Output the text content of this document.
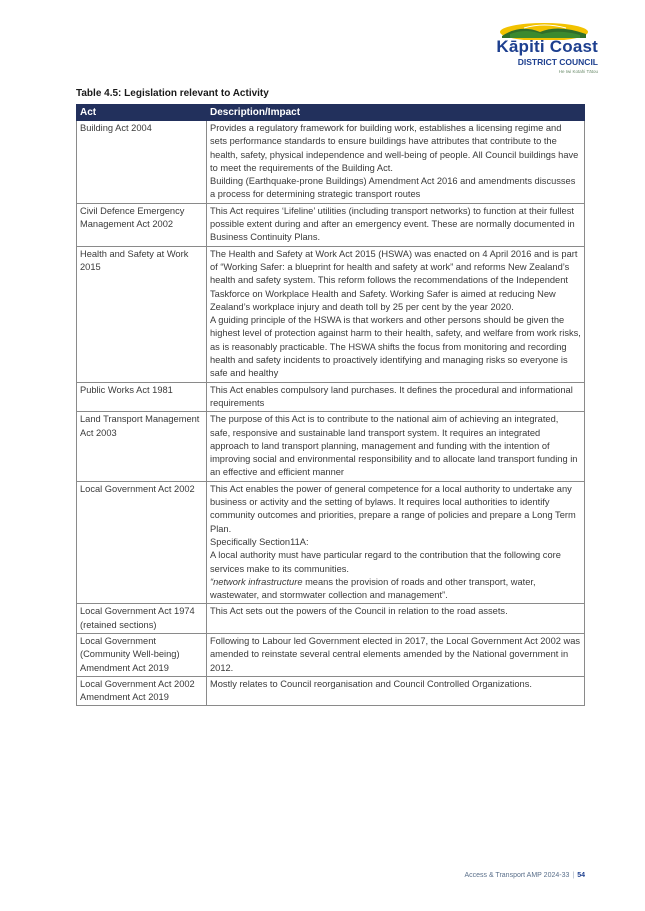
Kāpiti Coast
DISTRICT COUNCIL
He Iwi Kotahi Tātou
Table 4.5: Legislation relevant to Activity
Act	Description/Impact
Building Act 2004	Provides a regulatory framework for building work, establishes a licensing regime and sets performance standards to ensure buildings have attributes that contribute to the health, safety, physical independence and well-being of people. All Council buildings have to meet the requirements of the Building Act.

Building (Earthquake-prone Buildings) Amendment Act 2016 and amendments discusses a process for determining strategic transport routes

Civil Defence Emergency Management Act 2002	This Act requires ‘Lifeline’ utilities (including transport networks) to function at their fullest possible extent during and after an emergency event. These are normally documented in Business Continuity Plans.

Health and Safety at Work 2015	The Health and Safety at Work Act 2015 (HSWA) was enacted on 4 April 2016 and is part of “Working Safer: a blueprint for health and safety at work” and reforms New Zealand’s health and safety system. This reform follows the recommendations of the Independent Taskforce on Workplace Health and Safety. Working Safer is aimed at reducing New Zealand’s workplace injury and death toll by 25 per cent by the year 2020.

A guiding principle of the HSWA is that workers and other persons should be given the highest level of protection against harm to their health, safety, and welfare from work risks, as is reasonably practicable. The HSWA shifts the focus from monitoring and recording health and safety incidents to proactively identifying and managing risks so everyone is safe and healthy

Public Works Act 1981	This Act enables compulsory land purchases. It defines the procedural and informational requirements

Land Transport Management Act 2003	The purpose of this Act is to contribute to the national aim of achieving an integrated, safe, responsive and sustainable land transport system. It requires an integrated approach to land transport planning, management and funding with the intention of improving social and environmental responsibility and to allocate land transport funding in an effective and efficient manner

Local Government Act 2002	This Act enables the power of general competence for a local authority to undertake any business or activity and the setting of bylaws. It requires local authorities to identify community outcomes and priorities, prepare a range of policies and prepare a Long Term Plan.

Specifically Section11A:

A local authority must have particular regard to the contribution that the following core services make to its communities.

“network infrastructure means the provision of roads and other transport, water, wastewater, and stormwater collection and management”.

Local Government Act 1974 (retained sections)	This Act sets out the powers of the Council in relation to the road assets.

Local Government (Community Well-being) Amendment Act 2019	Following to Labour led Government elected in 2017, the Local Government Act 2002 was amended to reinstate several central elements amended by the National government in 2012.

Local Government Act 2002 Amendment Act 2019	Mostly relates to Council reorganisation and Council Controlled Organizations.

Access & Transport AMP 2024-33 | 54
